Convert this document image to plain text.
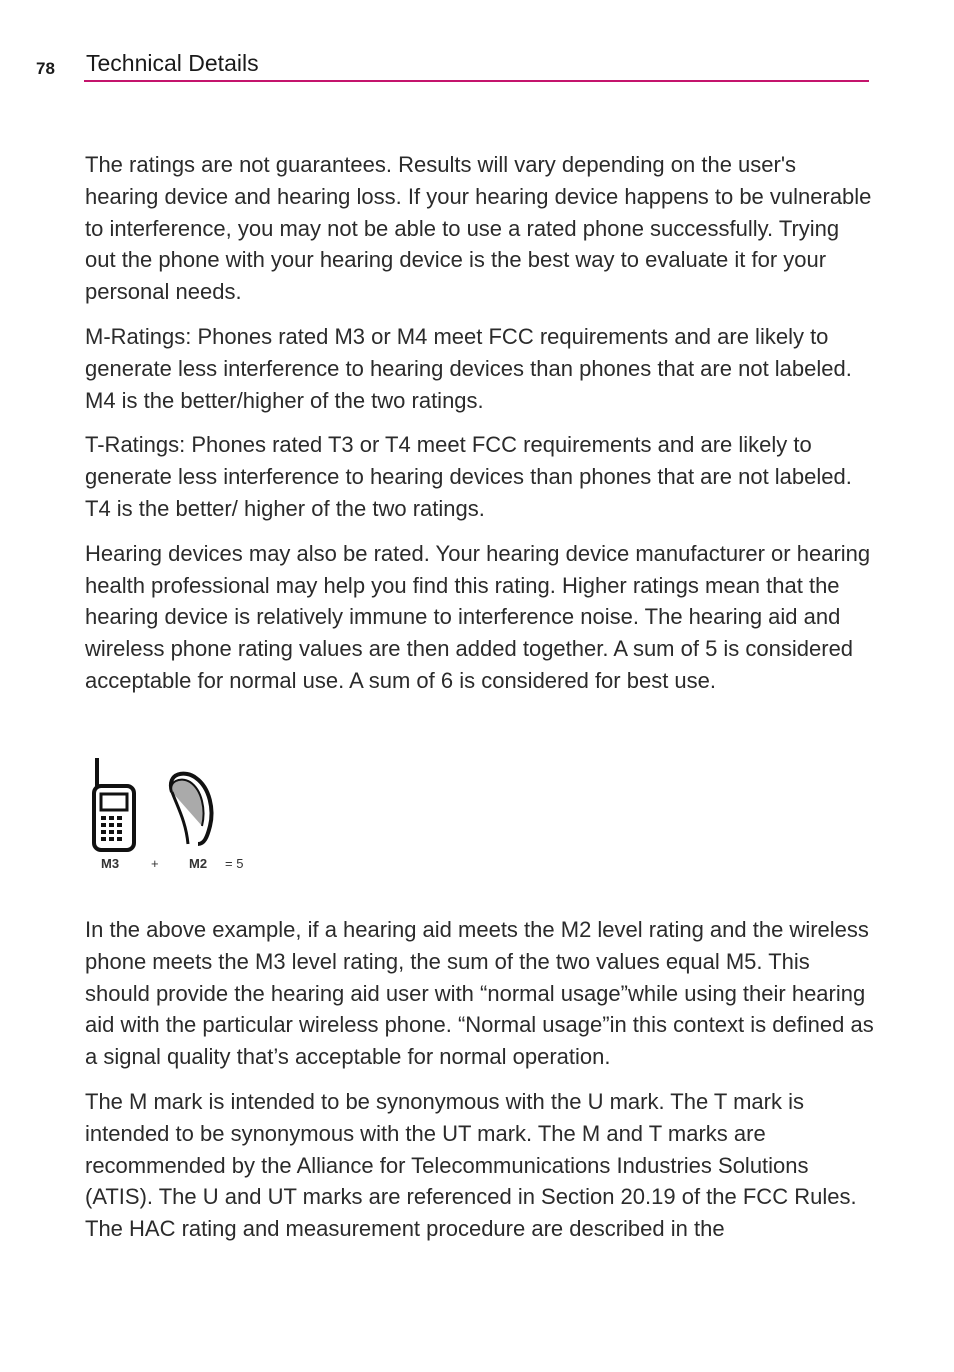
78 Technical Details

The ratings are not guarantees. Results will vary depending on the user's hearing device and hearing loss. If your hearing device happens to be vulnerable to interference, you may not be able to use a rated phone successfully. Trying out the phone with your hearing device is the best way to evaluate it for your personal needs.

M-Ratings: Phones rated M3 or M4 meet FCC requirements and are likely to generate less interference to hearing devices than phones that are not labeled. M4 is the better/higher of the two ratings.

T-Ratings: Phones rated T3 or T4 meet FCC requirements and are likely to generate less interference to hearing devices than phones that are not labeled. T4 is the better/ higher of the two ratings.

Hearing devices may also be rated. Your hearing device manufacturer or hearing health professional may help you find this rating. Higher ratings mean that the hearing device is relatively immune to interference noise. The hearing aid and wireless phone rating values are then added together. A sum of 5 is considered acceptable for normal use. A sum of 6 is considered for best use.

M3 + M2 = 5

In the above example, if a hearing aid meets the M2 level rating and the wireless phone meets the M3 level rating, the sum of the two values equal M5. This should provide the hearing aid user with “normal usage”while using their hearing aid with the particular wireless phone. “Normal usage”in this context is defined as a signal quality that’s acceptable for normal operation.

The M mark is intended to be synonymous with the U mark. The T mark is intended to be synonymous with the UT mark. The M and T marks are recommended by the Alliance for Telecommunications Industries Solutions (ATIS). The U and UT marks are referenced in Section 20.19 of the FCC Rules. The HAC rating and measurement procedure are described in the
